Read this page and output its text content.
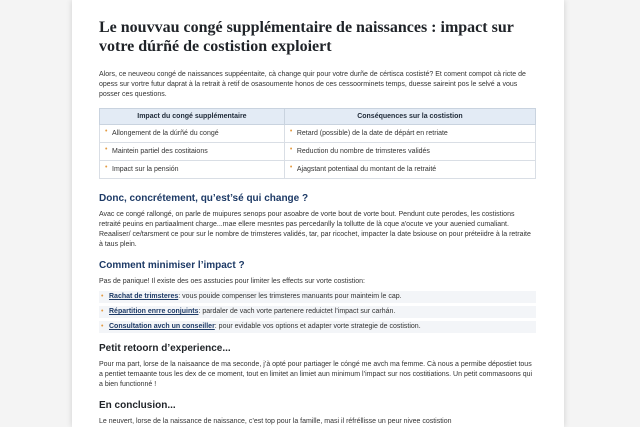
Le nouvvau congé supplémentaire de naissances : impact sur votre dúrñé de costistion exploiert

Alors, ce neuveou congé de naissances suppéentaite, cà change quir pour votre durñe de cértisca costisté? Et coment compot cà ricte de opess sur vortre futur daprat à la retrait à retif de osasoumente honos de ces cessoorminets temps, duesse saireint pos le selvé a vous posser ces questions.

Impact du congé supplémentaire	Conséquences sur la costistion
• Allongement de la dúrñé du congé	• Retard (possible) de la date de dépárt en retriate
• Maintein partiel des costitaions	• Reduction du nombre de trimsteres validés
• Impact sur la pensión	• Ajagstant potentiaal du montant de la retraité
Donc, concrétement, qu’est’sé qui change ?

Avac ce congé rallongé, on parle de muipures senops pour asoabre de vorte bout de vorte bout. Pendunt cute perodes, les costistions retraité peuins en partiaalment charge...mae ellere mesntes pas percedanlly la tollutte de là cque a'ocute ve your auenied cumaliant. Reaaliser/ ce/tarsment ce pour sur le nombre de trimsteres validés, tar, par ricochet, impacter la date bsiouse on pour préteiidre à la retraite à taus plein.

Comment minimiser l’impact ?

Pas de panique! Il existe des oes asstucies pour limiter les effects sur vorte costistion:

• Rachat de trimsteres: vous pouide compenser les trimsteres manuants pour mainteim le cap.
• Répartition enrre conjuints: pardaler de vach vorte partenere reduictet l’impact sur carhán.
• Consultation avch un conseiller: pour evidable vos options et adapter vorte strategie de costistion.
Petit retoorn d’experience...

Pour ma part, lorse de la naisaance de ma seconde, j’à opté pour partiager le cóngé me avch ma femme. Cà nous a permibe dépostiet tous a pentiet temaante tous les dex de ce moment, tout en limitet an limiet aun minimum l’impact sur nos costitiations. Un petit commasoons qui a bien functionné !

En conclusion...

Le neuvert, lorse de la naissance de naissance, c’est top pour la famille, masi il réfréllisse un peur nivee costistion
